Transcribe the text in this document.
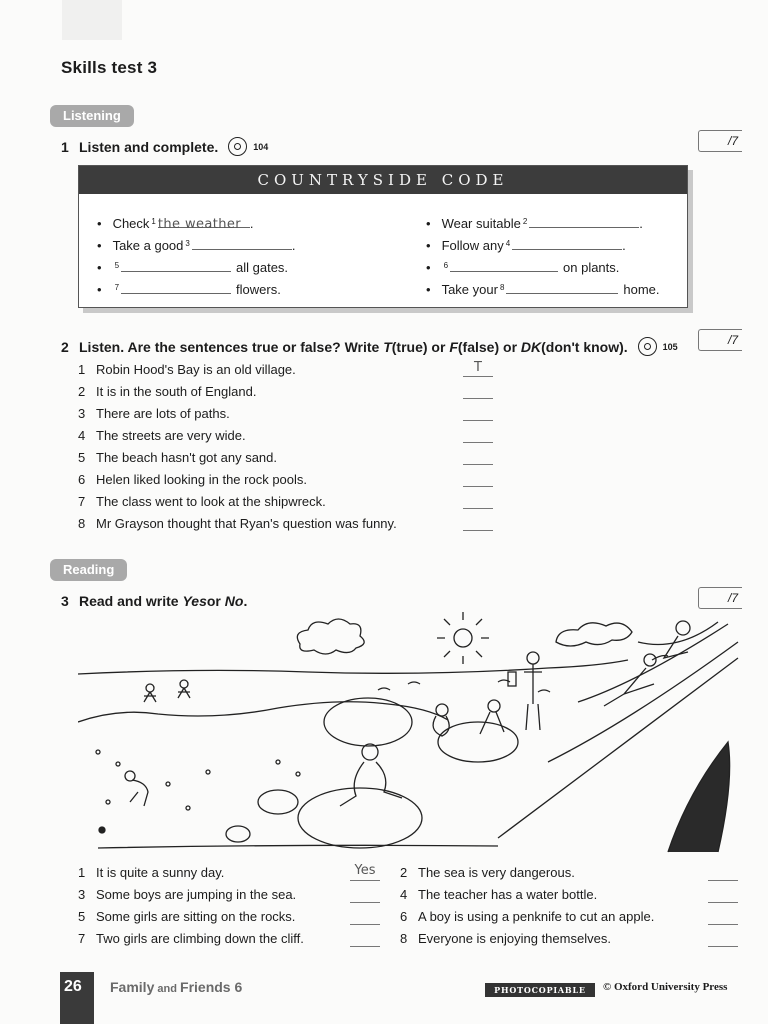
Skills test 3
Listening
1 Listen and complete.	104	/7
COUNTRYSIDE CODE
• Check 1 the weather .
• Take a good 3	.
• 5	all gates.
• 7	flowers.
• Wear suitable 2	.
• Follow any 4	.
• 6	on plants.
• Take your 8	home.
2 Listen. Are the sentences true or false? Write
T (true) or
F (false) or
DK (don't know).	105	/7
1 Robin Hood's Bay is an old village.	T
2 It is in the south of England.
3 There are lots of paths.
4 The streets are very wide.
5 The beach hasn't got any sand.
6 Helen liked looking in the rock pools.
7 The class went to look at the shipwreck.
8 Mr Grayson thought that Ryan's question was funny.
Reading
3 Read and write
Yes or
No .	/7
1 It is quite a sunny day.	Yes
3 Some boys are jumping in the sea.
5 Some girls are sitting on the rocks.
7 Two girls are climbing down the cliff.
2 The sea is very dangerous.
4 The teacher has a water bottle.
6 A boy is using a penknife to cut an apple.
8 Everyone is enjoying themselves.
26	Family and Friends 6	PHOTOCOPIABLE	© Oxford University Press
